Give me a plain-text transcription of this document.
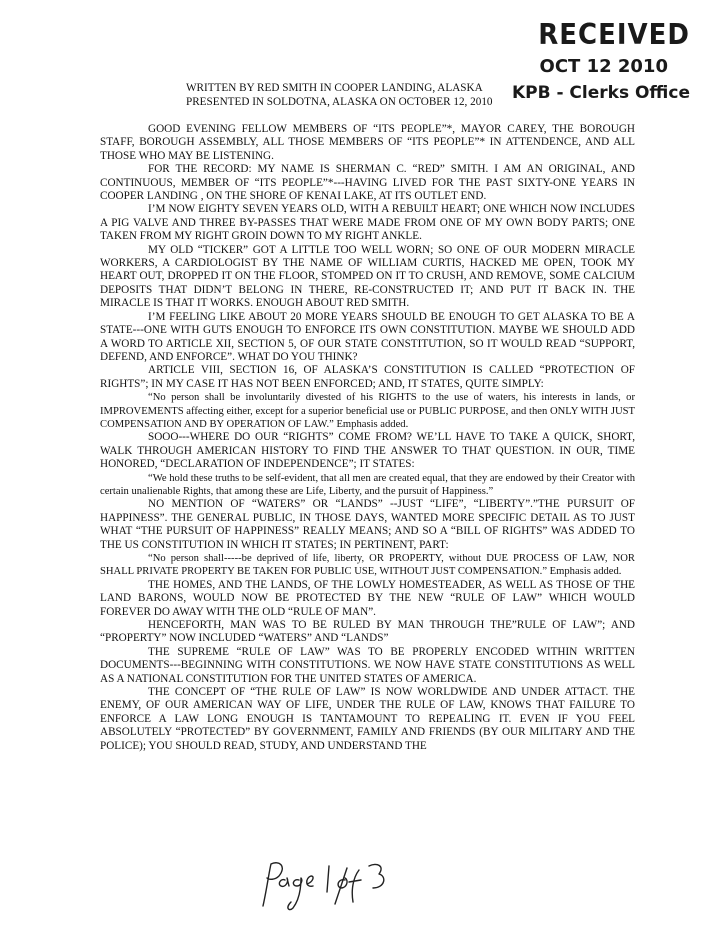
RECEIVED
OCT 12 2010
KPB - Clerks Office
WRITTEN BY RED SMITH IN COOPER LANDING, ALASKA
PRESENTED IN SOLDOTNA, ALASKA ON OCTOBER 12, 2010

GOOD EVENING FELLOW MEMBERS OF “ITS PEOPLE”*, MAYOR CAREY, THE BOROUGH STAFF, BOROUGH ASSEMBLY, ALL THOSE MEMBERS OF “ITS PEOPLE”* IN ATTENDENCE, AND ALL THOSE WHO MAY BE LISTENING.

FOR THE RECORD: MY NAME IS SHERMAN C. “RED” SMITH. I AM AN ORIGINAL, AND CONTINUOUS, MEMBER OF “ITS PEOPLE”*---HAVING LIVED FOR THE PAST SIXTY-ONE YEARS IN COOPER LANDING , ON THE SHORE OF KENAI LAKE, AT ITS OUTLET END.

I’M NOW EIGHTY SEVEN YEARS OLD, WITH A REBUILT HEART; ONE WHICH NOW INCLUDES A PIG VALVE AND THREE BY-PASSES THAT WERE MADE FROM ONE OF MY OWN BODY PARTS; ONE TAKEN FROM MY RIGHT GROIN DOWN TO MY RIGHT ANKLE.

MY OLD “TICKER” GOT A LITTLE TOO WELL WORN; SO ONE OF OUR MODERN MIRACLE WORKERS, A CARDIOLOGIST BY THE NAME OF WILLIAM CURTIS, HACKED ME OPEN, TOOK MY HEART OUT, DROPPED IT ON THE FLOOR, STOMPED ON IT TO CRUSH, AND REMOVE, SOME CALCIUM DEPOSITS THAT DIDN’T BELONG IN THERE, RE-CONSTRUCTED IT; AND PUT IT BACK IN. THE MIRACLE IS THAT IT WORKS. ENOUGH ABOUT RED SMITH.

I’M FEELING LIKE ABOUT 20 MORE YEARS SHOULD BE ENOUGH TO GET ALASKA TO BE A STATE---ONE WITH GUTS ENOUGH TO ENFORCE ITS OWN CONSTITUTION. MAYBE WE SHOULD ADD A WORD TO ARTICLE XII, SECTION 5, OF OUR STATE CONSTITUTION, SO IT WOULD READ “SUPPORT, DEFEND, AND ENFORCE”. WHAT DO YOU THINK?

ARTICLE VIII, SECTION 16, OF ALASKA’S CONSTITUTION IS CALLED “PROTECTION OF RIGHTS”; IN MY CASE IT HAS NOT BEEN ENFORCED; AND, IT STATES, QUITE SIMPLY:

“No person shall be involuntarily divested of his RIGHTS to the use of waters, his interests in lands, or IMPROVEMENTS affecting either, except for a superior beneficial use or PUBLIC PURPOSE, and then ONLY WITH JUST COMPENSATION AND BY OPERATION OF LAW.” Emphasis added.

SOOO---WHERE DO OUR “RIGHTS” COME FROM? WE’LL HAVE TO TAKE A QUICK, SHORT, WALK THROUGH AMERICAN HISTORY TO FIND THE ANSWER TO THAT QUESTION. IN OUR, TIME HONORED, “DECLARATION OF INDEPENDENCE”; IT STATES:

“We hold these truths to be self-evident, that all men are created equal, that they are endowed by their Creator with certain unalienable Rights, that among these are Life, Liberty, and the pursuit of Happiness.”

NO MENTION OF “WATERS” OR “LANDS” --JUST “LIFE”, “LIBERTY”.”THE PURSUIT OF HAPPINESS”. THE GENERAL PUBLIC, IN THOSE DAYS, WANTED MORE SPECIFIC DETAIL AS TO JUST WHAT “THE PURSUIT OF HAPPINESS” REALLY MEANS; AND SO A “BILL OF RIGHTS” WAS ADDED TO THE US CONSTITUTION IN WHICH IT STATES; IN PERTINENT, PART:

“No person shall-----be deprived of life, liberty, OR PROPERTY, without DUE PROCESS OF LAW, NOR SHALL PRIVATE PROPERTY BE TAKEN FOR PUBLIC USE, WITHOUT JUST COMPENSATION.” Emphasis added.

THE HOMES, AND THE LANDS, OF THE LOWLY HOMESTEADER, AS WELL AS THOSE OF THE LAND BARONS, WOULD NOW BE PROTECTED BY THE NEW “RULE OF LAW” WHICH WOULD FOREVER DO AWAY WITH THE OLD “RULE OF MAN”.

HENCEFORTH, MAN WAS TO BE RULED BY MAN THROUGH THE”RULE OF LAW”; AND “PROPERTY” NOW INCLUDED “WATERS” AND “LANDS”

THE SUPREME “RULE OF LAW” WAS TO BE PROPERLY ENCODED WITHIN WRITTEN DOCUMENTS---BEGINNING WITH CONSTITUTIONS. WE NOW HAVE STATE CONSTITUTIONS AS WELL AS A NATIONAL CONSTITUTION FOR THE UNITED STATES OF AMERICA.

THE CONCEPT OF “THE RULE OF LAW” IS NOW WORLDWIDE AND UNDER ATTACT. THE ENEMY, OF OUR AMERICAN WAY OF LIFE, UNDER THE RULE OF LAW, KNOWS THAT FAILURE TO ENFORCE A LAW LONG ENOUGH IS TANTAMOUNT TO REPEALING IT. EVEN IF YOU FEEL ABSOLUTELY “PROTECTED” BY GOVERNMENT, FAMILY AND FRIENDS (BY OUR MILITARY AND THE POLICE); YOU SHOULD READ, STUDY, AND UNDERSTAND THE
